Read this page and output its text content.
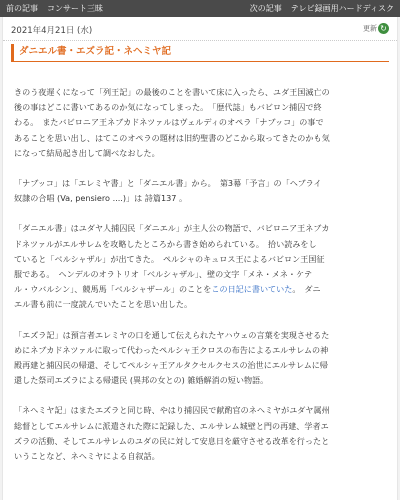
前の記事 コンサート三昧	次の記事 テレビ録画用ハードディスク
2021年4月21日 (水)	更新 ↻
ダニエル書・エズラ記・ネヘミヤ記

きのう夜遅くになって「列王記」の最後のことを書いて床に入ったら、ユダ王国滅亡の

後の事はどこに書いてあるのか気になってしまった。　「歴代誌」もバビロン捕囚で終

わる。　またバビロニア王ネブカドネツァルはヴェルディのオペラ「ナブッコ」の事で

あることを思い出し、はてこのオペラの題材は旧約聖書のどこから取ってきたのかも気

になって結局起き出して調べなおした。

「ナブッコ」は「エレミヤ書」と「ダニエル書」から。　第3幕「予言」の「ヘブライ

奴隷の合唱 (Va, pensiero ....)」は 詩篇137 。

「ダニエル書」はユダヤ人捕囚民「ダニエル」が主人公の物語で、バビロニア王ネブカ

ドネツァルがエルサレムを攻略したところから書き始められている。　拾い読みをし

ていると「ベルシャザル」が出てきた。　ペルシャのキュロス王によるバビロン王国征

服である。　ヘンデルのオラトリオ「ベルシャザル」、壁の文字「メネ・メネ・ケテ

ル・ウバルシン」、競馬馬「ベルシャザール」のことをこの日記に書いていた。　ダニ

エル書も前に一度読んでいたことを思い出した。

「エズラ記」は預言者エレミヤの口を通して伝えられたヤハウェの言葉を実現させるた

めにネブカドネツァルに取って代わったペルシャ王クロスの布告によるエルサレムの神

殿再建と捕囚民の帰還、そしてペルシャ王アルタクセルクセスの治世にエルサレムに帰

還した祭司エズラによる帰還民 (異邦の女との) 雑婚解消の短い物語。

「ネヘミヤ記」はまたエズラと同じ時、やはり捕囚民で献酌官のネヘミヤがユダヤ属州

総督としてエルサレムに派遣された際に記録した、エルサレム城壁と門の再建、学者エ

ズラの活動、そしてエルサレムのユダの民に対して安息日を厳守させる改革を行ったと

いうことなど、ネヘミヤによる自叙話。
